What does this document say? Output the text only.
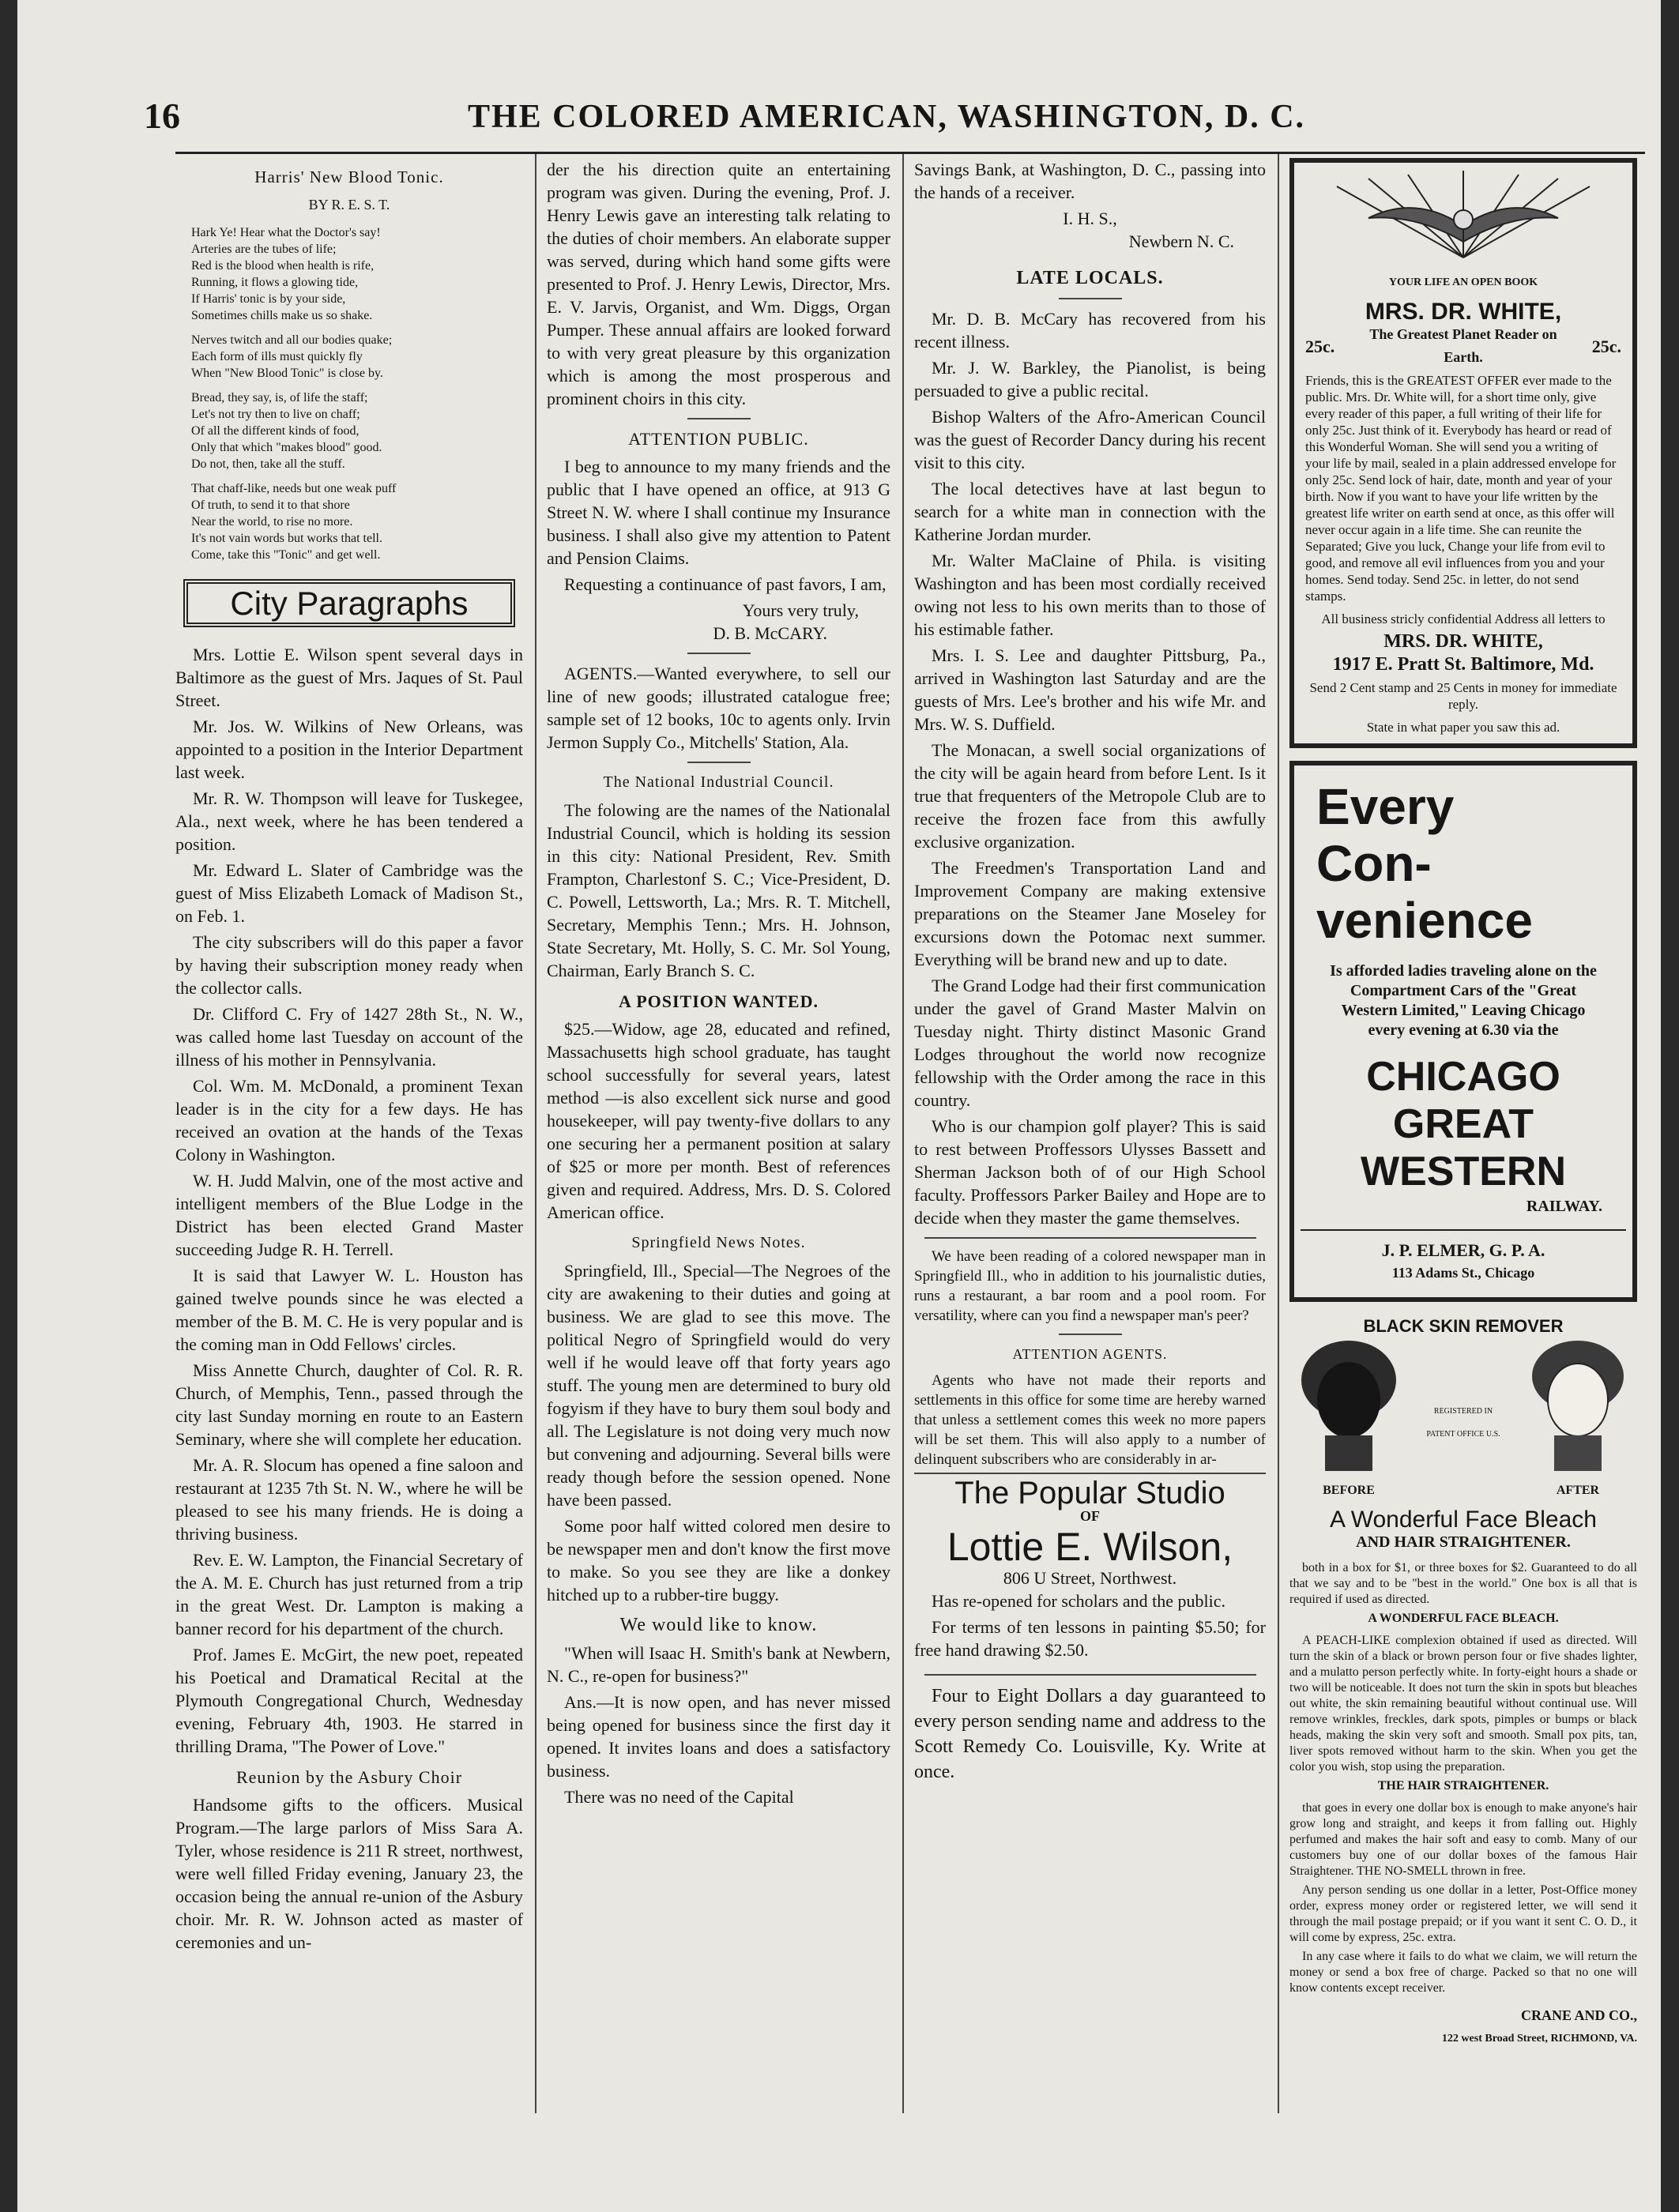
16	THE COLORED AMERICAN, WASHINGTON, D. C.
Harris' New Blood Tonic.
BY R. E. S. T.
Hark Ye! Hear what the Doctor's say!
Arteries are the tubes of life;
Red is the blood when health is rife,
Running, it flows a glowing tide,
If Harris' tonic is by your side,
Sometimes chills make us so shake.
Nerves twitch and all our bodies quake;
Each form of ills must quickly fly
When "New Blood Tonic" is close by.
Bread, they say, is, of life the staff;
Let's not try then to live on chaff;
Of all the different kinds of food,
Only that which "makes blood" good.
Do not, then, take all the stuff.
That chaff-like, needs but one weak puff
Of truth, to send it to that shore
Near the world, to rise no more.
It's not vain words but works that tell.
Come, take this "Tonic" and get well.
City Paragraphs

Mrs. Lottie E. Wilson spent several days in Baltimore as the guest of Mrs. Jaques of St. Paul Street.

Mr. Jos. W. Wilkins of New Orleans, was appointed to a position in the Interior Department last week.

Mr. R. W. Thompson will leave for Tuskegee, Ala., next week, where he has been tendered a position.

Mr. Edward L. Slater of Cambridge was the guest of Miss Elizabeth Lomack of Madison St., on Feb. 1.

The city subscribers will do this paper a favor by having their subscription money ready when the collector calls.

Dr. Clifford C. Fry of 1427 28th St., N. W., was called home last Tuesday on account of the illness of his mother in Pennsylvania.

Col. Wm. M. McDonald, a prominent Texan leader is in the city for a few days. He has received an ovation at the hands of the Texas Colony in Washington.

W. H. Judd Malvin, one of the most active and intelligent members of the Blue Lodge in the District has been elected Grand Master succeeding Judge R. H. Terrell.

It is said that Lawyer W. L. Houston has gained twelve pounds since he was elected a member of the B. M. C. He is very popular and is the coming man in Odd Fellows' circles.

Miss Annette Church, daughter of Col. R. R. Church, of Memphis, Tenn., passed through the city last Sunday morning en route to an Eastern Seminary, where she will complete her education.

Mr. A. R. Slocum has opened a fine saloon and restaurant at 1235 7th St. N. W., where he will be pleased to see his many friends. He is doing a thriving business.

Rev. E. W. Lampton, the Financial Secretary of the A. M. E. Church has just returned from a trip in the great West. Dr. Lampton is making a banner record for his department of the church.

Prof. James E. McGirt, the new poet, repeated his Poetical and Dramatical Recital at the Plymouth Congregational Church, Wednesday evening, February 4th, 1903. He starred in thrilling Drama, "The Power of Love."

Reunion by the Asbury Choir

Handsome gifts to the officers. Musical Program.—The large parlors of Miss Sara A. Tyler, whose residence is 211 R street, northwest, were well filled Friday evening, January 23, the occasion being the annual re-union of the Asbury choir. Mr. R. W. Johnson acted as master of ceremonies and un-

der the his direction quite an entertaining program was given. During the evening, Prof. J. Henry Lewis gave an interesting talk relating to the duties of choir members. An elaborate supper was served, during which hand some gifts were presented to Prof. J. Henry Lewis, Director, Mrs. E. V. Jarvis, Organist, and Wm. Diggs, Organ Pumper. These annual affairs are looked forward to with very great pleasure by this organization which is among the most prosperous and prominent choirs in this city.

ATTENTION PUBLIC.

I beg to announce to my many friends and the public that I have opened an office, at 913 G Street N. W. where I shall continue my Insurance business. I shall also give my attention to Patent and Pension Claims.

Requesting a continuance of past favors, I am,

Yours very truly,
D. B. McCARY.

AGENTS.—Wanted everywhere, to sell our line of new goods; illustrated catalogue free; sample set of 12 books, 10c to agents only. Irvin Jermon Supply Co., Mitchells' Station, Ala.

The National Industrial Council.

The folowing are the names of the Nationalal Industrial Council, which is holding its session in this city: National President, Rev. Smith Frampton, Charlestonf S. C.; Vice-President, D. C. Powell, Lettsworth, La.; Mrs. R. T. Mitchell, Secretary, Memphis Tenn.; Mrs. H. Johnson, State Secretary, Mt. Holly, S. C. Mr. Sol Young, Chairman, Early Branch S. C.

A POSITION WANTED.

$25.—Widow, age 28, educated and refined, Massachusetts high school graduate, has taught school successfully for several years, latest method —is also excellent sick nurse and good housekeeper, will pay twenty-five dollars to any one securing her a permanent position at salary of $25 or more per month. Best of references given and required. Address, Mrs. D. S. Colored American office.

Springfield News Notes.

Springfield, Ill., Special—The Negroes of the city are awakening to their duties and going at business. We are glad to see this move. The political Negro of Springfield would do very well if he would leave off that forty years ago stuff. The young men are determined to bury old fogyism if they have to bury them soul body and all. The Legislature is not doing very much now but convening and adjourning. Several bills were ready though before the session opened. None have been passed.

Some poor half witted colored men desire to be newspaper men and don't know the first move to make. So you see they are like a donkey hitched up to a rubber-tire buggy.

We would like to know.

"When will Isaac H. Smith's bank at Newbern, N. C., re-open for business?"

Ans.—It is now open, and has never missed being opened for business since the first day it opened. It invites loans and does a satisfactory business.

There was no need of the Capital

Savings Bank, at Washington, D. C., passing into the hands of a receiver.

I. H. S.,
Newbern N. C.
LATE LOCALS.

Mr. D. B. McCary has recovered from his recent illness.

Mr. J. W. Barkley, the Pianolist, is being persuaded to give a public recital.

Bishop Walters of the Afro-American Council was the guest of Recorder Dancy during his recent visit to this city.

The local detectives have at last begun to search for a white man in connection with the Katherine Jordan murder.

Mr. Walter MaClaine of Phila. is visiting Washington and has been most cordially received owing not less to his own merits than to those of his estimable father.

Mrs. I. S. Lee and daughter Pittsburg, Pa., arrived in Washington last Saturday and are the guests of Mrs. Lee's brother and his wife Mr. and Mrs. W. S. Duffield.

The Monacan, a swell social organizations of the city will be again heard from before Lent. Is it true that frequenters of the Metropole Club are to receive the frozen face from this awfully exclusive organization.

The Freedmen's Transportation Land and Improvement Company are making extensive preparations on the Steamer Jane Moseley for excursions down the Potomac next summer. Everything will be brand new and up to date.

The Grand Lodge had their first communication under the gavel of Grand Master Malvin on Tuesday night. Thirty distinct Masonic Grand Lodges throughout the world now recognize fellowship with the Order among the race in this country.

Who is our champion golf player? This is said to rest between Proffessors Ulysses Bassett and Sherman Jackson both of of our High School faculty. Proffessors Parker Bailey and Hope are to decide when they master the game themselves.

We have been reading of a colored newspaper man in Springfield Ill., who in addition to his journalistic duties, runs a restaurant, a bar room and a pool room. For versatility, where can you find a newspaper man's peer?

ATTENTION AGENTS.

Agents who have not made their reports and settlements in this office for some time are hereby warned that unless a settlement comes this week no more papers will be set them. This will also apply to a number of delinquent subscribers who are considerably in ar-

The Popular Studio
OF
Lottie E. Wilson,
806 U Street, Northwest.

Has re-opened for scholars and the public.

For terms of ten lessons in painting $5.50; for free hand drawing $2.50.

Four to Eight Dollars a day guaranteed to every person sending name and address to the Scott Remedy Co. Louisville, Ky. Write at once.

YOUR LIFE AN OPEN BOOK
MRS. DR. WHITE,
25c.
The Greatest Planet Reader on Earth.
25c.
Friends, this is the GREATEST OFFER ever made to the public. Mrs. Dr. White will, for a short time only, give every reader of this paper, a full writing of their life for only 25c. Just think of it. Everybody has heard or read of this Wonderful Woman. She will send you a writing of your life by mail, sealed in a plain addressed envelope for only 25c. Send lock of hair, date, month and year of your birth. Now if you want to have your life written by the greatest life writer on earth send at once, as this offer will never occur again in a life time. She can reunite the Separated; Give you luck, Change your life from evil to good, and remove all evil influences from you and your homes. Send today. Send 25c. in letter, do not send stamps.
All business stricly confidential Address all letters to
MRS. DR. WHITE,
1917 E. Pratt St. Baltimore, Md.
Send 2 Cent stamp and 25 Cents in money for immediate reply.
State in what paper you saw this ad.
Every
Con-
venience
Is afforded ladies traveling alone on the Compartment Cars of the "Great Western Limited," Leaving Chicago every evening at 6.30 via the
CHICAGO
GREAT
WESTERN
RAILWAY.
J. P. ELMER, G. P. A.
113 Adams St., Chicago
BLACK SKIN REMOVER
BEFORE
REGISTERED IN PATENT OFFICE U.S.
AFTER
A Wonderful Face Bleach
AND HAIR STRAIGHTENER.

both in a box for $1, or three boxes for $2. Guaranteed to do all that we say and to be "best in the world." One box is all that is required if used as directed.

A WONDERFUL FACE BLEACH.

A PEACH-LIKE complexion obtained if used as directed. Will turn the skin of a black or brown person four or five shades lighter, and a mulatto person perfectly white. In forty-eight hours a shade or two will be noticeable. It does not turn the skin in spots but bleaches out white, the skin remaining beautiful without continual use. Will remove wrinkles, freckles, dark spots, pimples or bumps or black heads, making the skin very soft and smooth. Small pox pits, tan, liver spots removed without harm to the skin. When you get the color you wish, stop using the preparation.

THE HAIR STRAIGHTENER.

that goes in every one dollar box is enough to make anyone's hair grow long and straight, and keeps it from falling out. Highly perfumed and makes the hair soft and easy to comb. Many of our customers buy one of our dollar boxes of the famous Hair Straightener. THE NO-SMELL thrown in free.

Any person sending us one dollar in a letter, Post-Office money order, express money order or registered letter, we will send it through the mail postage prepaid; or if you want it sent C. O. D., it will come by express, 25c. extra.

In any case where it fails to do what we claim, we will return the money or send a box free of charge. Packed so that no one will know contents except receiver.

CRANE AND CO.,
122 west Broad Street, RICHMOND, VA.
